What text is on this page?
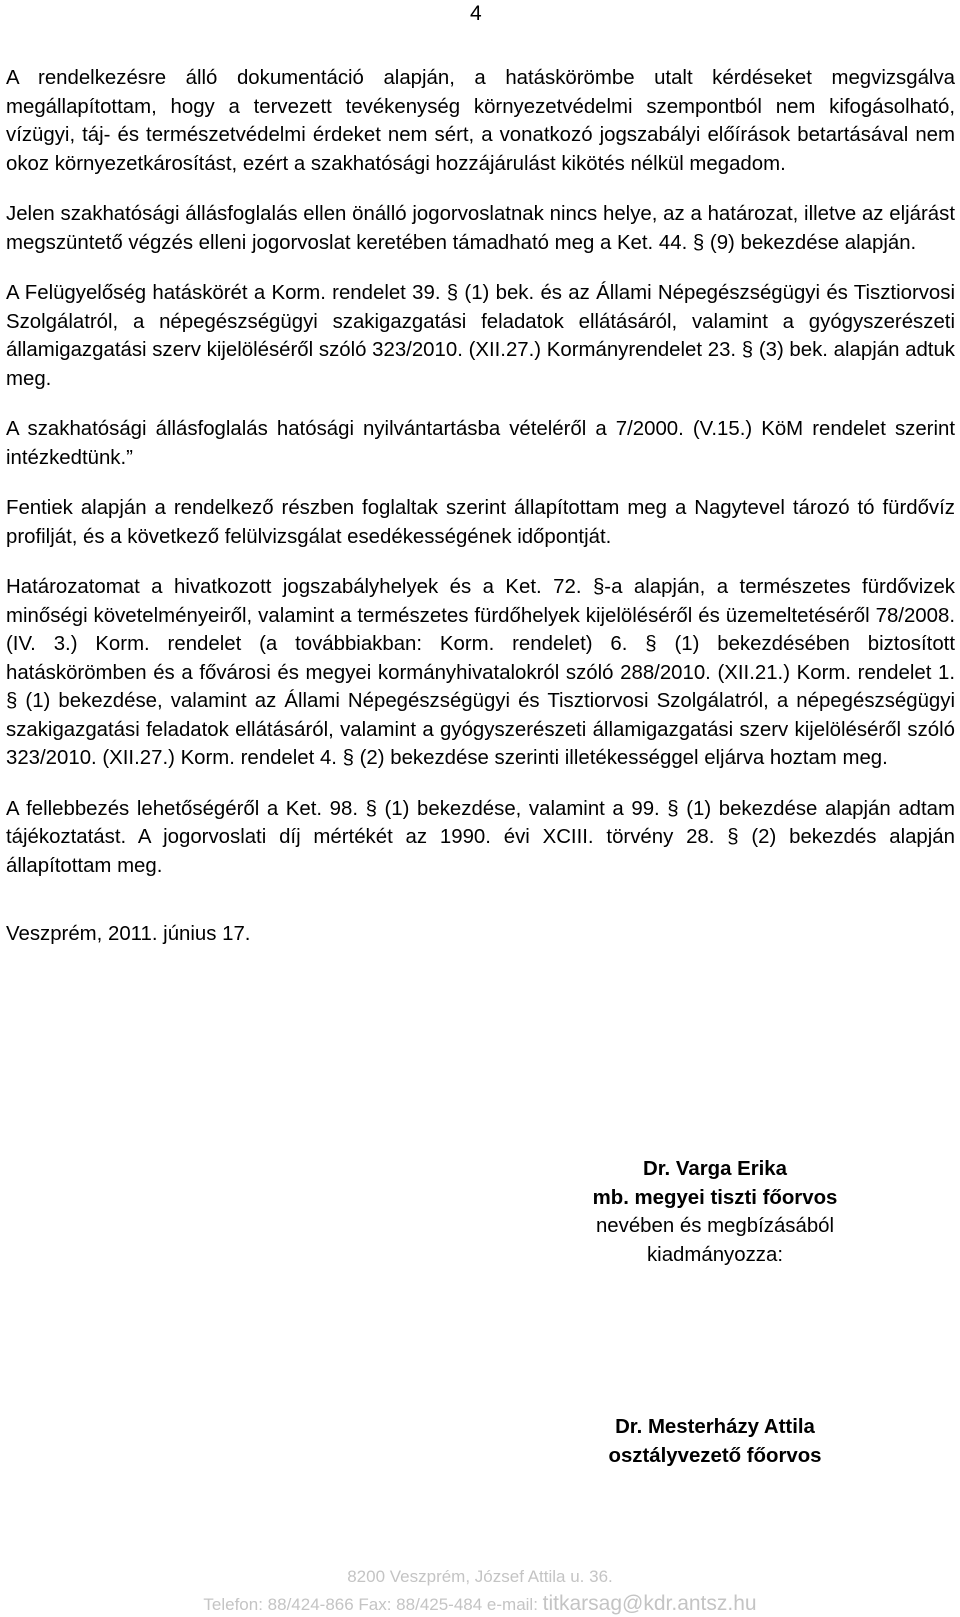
4

A rendelkezésre álló dokumentáció alapján, a hatáskörömbe utalt kérdéseket megvizsgálva megállapítottam, hogy a tervezett tevékenység környezetvédelmi szempontból nem kifogásolható, vízügyi, táj- és természetvédelmi érdeket nem sért, a vonatkozó jogszabályi előírások betartásával nem okoz környezetkárosítást, ezért a szakhatósági hozzájárulást kikötés nélkül megadom.

Jelen szakhatósági állásfoglalás ellen önálló jogorvoslatnak nincs helye, az a határozat, illetve az eljárást megszüntető végzés elleni jogorvoslat keretében támadható meg a Ket. 44. § (9) bekezdése alapján.

A Felügyelőség hatáskörét a Korm. rendelet 39. § (1) bek. és az Állami Népegészségügyi és Tisztiorvosi Szolgálatról, a népegészségügyi szakigazgatási feladatok ellátásáról, valamint a gyógyszerészeti államigazgatási szerv kijelöléséről szóló 323/2010. (XII.27.) Kormányrendelet 23. § (3) bek. alapján adtuk meg.

A szakhatósági állásfoglalás hatósági nyilvántartásba vételéről a 7/2000. (V.15.) KöM rendelet szerint intézkedtünk.”

Fentiek alapján a rendelkező részben foglaltak szerint állapítottam meg a Nagytevel tározó tó fürdővíz profilját, és a következő felülvizsgálat esedékességének időpontját.

Határozatomat a hivatkozott jogszabályhelyek és a Ket. 72. §-a alapján, a természetes fürdővizek minőségi követelményeiről, valamint a természetes fürdőhelyek kijelöléséről és üzemeltetéséről 78/2008. (IV. 3.) Korm. rendelet (a továbbiakban: Korm. rendelet) 6. § (1) bekezdésében biztosított hatáskörömben és a fővárosi és megyei kormányhivatalokról szóló 288/2010. (XII.21.) Korm. rendelet 1. § (1) bekezdése, valamint az Állami Népegészségügyi és Tisztiorvosi Szolgálatról, a népegészségügyi szakigazgatási feladatok ellátásáról, valamint a gyógyszerészeti államigazgatási szerv kijelöléséről szóló 323/2010. (XII.27.) Korm. rendelet 4. § (2) bekezdése szerinti illetékességgel eljárva hoztam meg.

A fellebbezés lehetőségéről a Ket. 98. § (1) bekezdése, valamint a 99. § (1) bekezdése alapján adtam tájékoztatást. A jogorvoslati díj mértékét az 1990. évi XCIII. törvény 28. § (2) bekezdés alapján állapítottam meg.

Veszprém, 2011. június 17.

Dr. Varga Erika
mb. megyei tiszti főorvos
nevében és megbízásából
kiadmányozza:
Dr. Mesterházy Attila
osztályvezető főorvos
8200 Veszprém, József Attila u. 36.
Telefon: 88/424-866 Fax: 88/425-484 e-mail: titkarsag@kdr.antsz.hu
